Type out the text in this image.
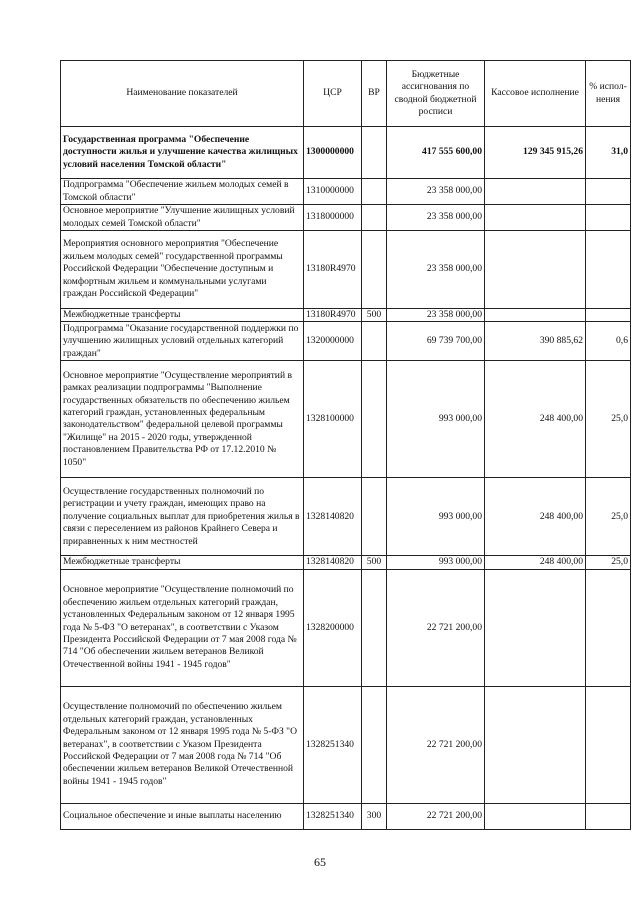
Наименование показателей	ЦСР	ВР	Бюджетные ассигнования по сводной бюджетной росписи	Кассовое исполнение	% испол-нения
Государственная программа "Обеспечение доступности жилья и улучшение качества жилищных условий населения Томской области"	1300000000		417 555 600,00	129 345 915,26	31,0
Подпрограмма "Обеспечение жильем молодых семей в Томской области"	1310000000		23 358 000,00		
Основное мероприятие "Улучшение жилищных условий молодых семей Томской области"	1318000000		23 358 000,00		
Мероприятия основного мероприятия "Обеспечение жильем молодых семей" государственной программы Российской Федерации "Обеспечение доступным и комфортным жильем и коммунальными услугами граждан Российской Федерации"	13180R4970		23 358 000,00		
Межбюджетные трансферты	13180R4970	500	23 358 000,00		
Подпрограмма "Оказание государственной поддержки по улучшению жилищных условий отдельных категорий граждан"	1320000000		69 739 700,00	390 885,62	0,6
Основное мероприятие "Осуществление мероприятий в рамках реализации подпрограммы "Выполнение государственных обязательств по обеспечению жильем категорий граждан, установленных федеральным законодательством" федеральной целевой программы "Жилище" на 2015 - 2020 годы, утвержденной постановлением Правительства РФ от 17.12.2010 № 1050"	1328100000		993 000,00	248 400,00	25,0
Осуществление государственных полномочий по регистрации и учету граждан, имеющих право на получение социальных выплат для приобретения жилья в связи с переселением из районов Крайнего Севера и приравненных к ним местностей	1328140820		993 000,00	248 400,00	25,0
Межбюджетные трансферты	1328140820	500	993 000,00	248 400,00	25,0
Основное мероприятие "Осуществление полномочий по обеспечению жильем отдельных категорий граждан, установленных Федеральным законом от 12 января 1995 года № 5-ФЗ "О ветеранах", в соответствии с Указом Президента Российской Федерации от 7 мая 2008 года № 714 "Об обеспечении жильем ветеранов Великой Отечественной войны 1941 - 1945 годов"	1328200000		22 721 200,00		
Осуществление полномочий по обеспечению жильем отдельных категорий граждан, установленных Федеральным законом от 12 января 1995 года № 5-ФЗ "О ветеранах", в соответствии с Указом Президента Российской Федерации от 7 мая 2008 года № 714 "Об обеспечении жильем ветеранов Великой Отечественной войны 1941 - 1945 годов"	1328251340		22 721 200,00		
Социальное обеспечение и иные выплаты населению	1328251340	300	22 721 200,00		
65
